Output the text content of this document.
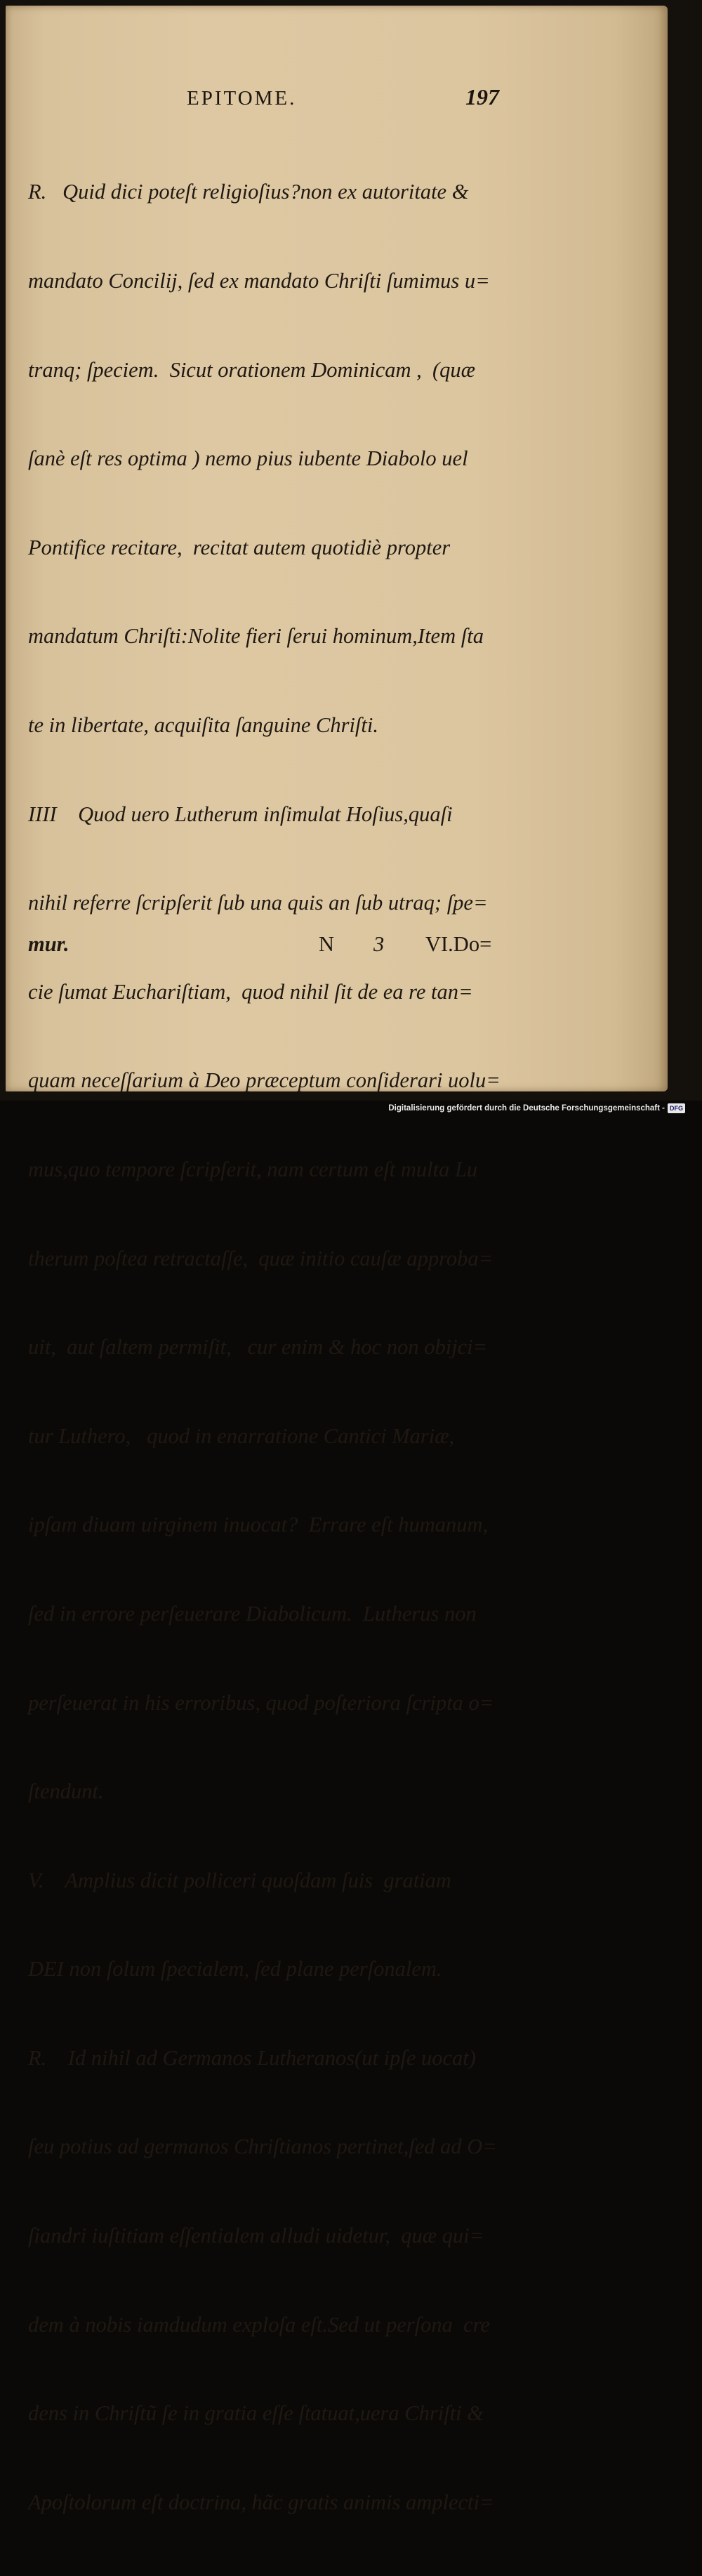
EPITOME.	197

R.   Quid dici poteſt religioſius?non ex autoritate &

mandato Concilij, ſed ex mandato Chriſti ſumimus u=

tranq; ſpeciem.  Sicut orationem Dominicam ,  (quæ

ſanè eſt res optima ) nemo pius iubente Diabolo uel

Pontifice recitare,  recitat autem quotidiè propter

mandatum Chriſti:Nolite fieri ſerui hominum,Item ſta

te in libertate, acquiſita ſanguine Chriſti.

IIII    Quod uero Lutherum inſimulat Hoſius,quaſi

nihil referre ſcripſerit ſub una quis an ſub utraq; ſpe=

cie ſumat Euchariſtiam,  quod nihil ſit de ea re tan=

quam neceſſarium à Deo præceptum conſiderari uolu=

mus,quo tempore ſcripſerit, nam certum eſt multa Lu

therum poſtea retractaſſe,  quæ initio cauſæ approba=

uit,  aut ſaltem permiſit,   cur enim & hoc non obijci=

tur Luthero,   quod in enarratione Cantici Mariæ,

ipſam diuam uirginem inuocat?  Errare eſt humanum,

ſed in errore perſeuerare Diabolicum.  Lutherus non

perſeuerat in his erroribus, quod poſteriora ſcripta o=

ſtendunt.

V.    Amplius dicit polliceri quoſdam ſuis  gratiam

DEI non ſolum ſpecialem, ſed plane perſonalem.

R.    Id nihil ad Germanos Lutheranos(ut ipſe uocat)

ſeu potius ad germanos Chriſtianos pertinet,ſed ad O=

ſiandri iuſtitiam eſſentialem alludi uidetur,  quæ qui=

dem à nobis iamdudum exploſa eſt.Sed ut perſona  cre

dens in Chriſtũ ſe in gratia eſſe ſtatuat,uera Chriſti &

Apoſtolorum eſt doctrina, hãc gratis animis amplecti=

mur.	N 3 VI.Do=
Digitalisierung gefördert durch die Deutsche Forschungsgemeinschaft - DFG
